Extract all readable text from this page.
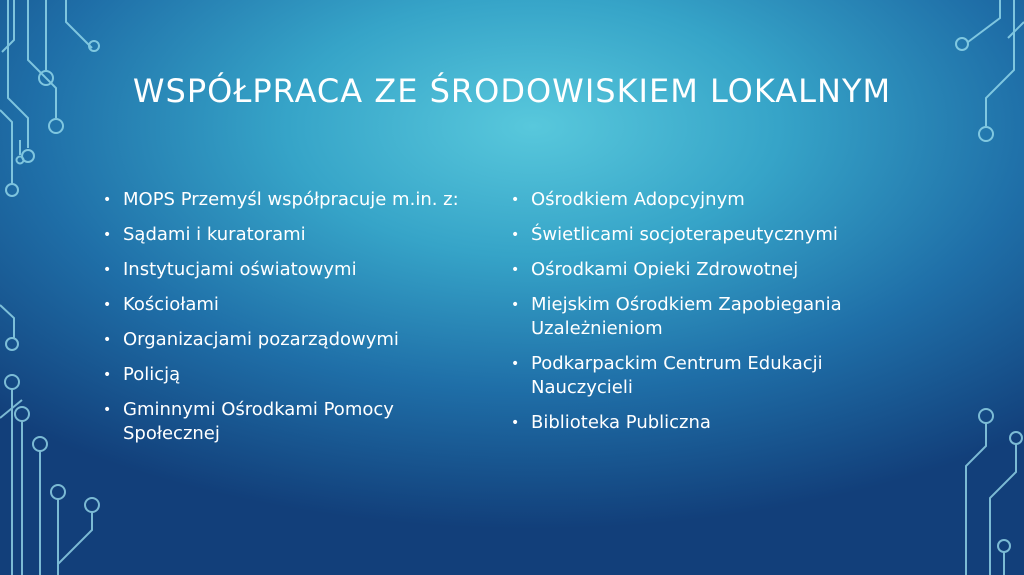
WSPÓŁPRACA ZE ŚRODOWISKIEM LOKALNYM
• MOPS Przemyśl współpracuje m.in. z:
• Sądami i kuratorami
• Instytucjami oświatowymi
• Kościołami
• Organizacjami pozarządowymi
• Policją
• Gminnymi Ośrodkami Pomocy Społecznej
• Ośrodkiem Adopcyjnym
• Świetlicami socjoterapeutycznymi
• Ośrodkami Opieki Zdrowotnej
• Miejskim Ośrodkiem Zapobiegania Uzależnieniom
• Podkarpackim Centrum Edukacji Nauczycieli
• Biblioteka Publiczna
